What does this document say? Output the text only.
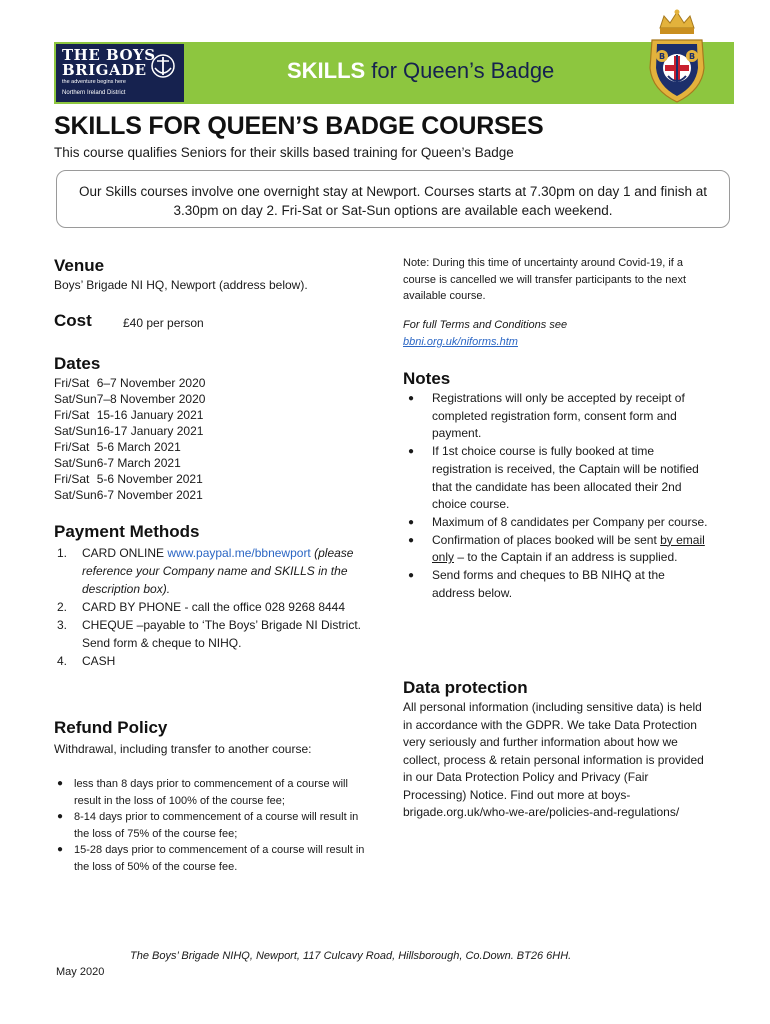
THE BOYS
BRIGADE
the adventure begins here
Northern Ireland District
SKILLS for Queen’s Badge
B	B
SKILLS FOR QUEEN’S BADGE COURSES
This course qualifies Seniors for their skills based training for Queen’s Badge
Our Skills courses involve one overnight stay at Newport. Courses starts at 7.30pm on day 1 and finish at 3.30pm on day 2. Fri-Sat or Sat-Sun options are available each weekend.
Venue
Boys’ Brigade NI HQ, Newport (address below).
Cost	£40 per person
Dates
Fri/Sat	6–7 November 2020
Sat/Sun	7–8 November 2020
Fri/Sat	15-16 January 2021
Sat/Sun	16-17 January 2021
Fri/Sat	5-6 March 2021
Sat/Sun	6-7 March 2021
Fri/Sat	5-6 November 2021
Sat/Sun	6-7 November 2021
Payment Methods
1. CARD ONLINE www.paypal.me/bbnewport (please reference your Company name and SKILLS in the description box).
2. CARD BY PHONE - call the office 028 9268 8444
3. CHEQUE –payable to ‘The Boys’ Brigade NI District. Send form & cheque to NIHQ.
4. CASH
Refund Policy
Withdrawal, including transfer to another course:
● less than 8 days prior to commencement of a course will result in the loss of 100% of the course fee;
● 8-14 days prior to commencement of a course will result in the loss of 75% of the course fee;
● 15-28 days prior to commencement of a course will result in the loss of 50% of the course fee.
Note: During this time of uncertainty around Covid-19, if a course is cancelled we will transfer participants to the next available course.
For full Terms and Conditions see
bbni.org.uk/niforms.htm
Notes
● Registrations will only be accepted by receipt of completed registration form, consent form and payment.
● If 1st choice course is fully booked at time registration is received, the Captain will be notified that the candidate has been allocated their 2nd choice course.
● Maximum of 8 candidates per Company per course.
● Confirmation of places booked will be sent by email only – to the Captain if an address is supplied.
● Send forms and cheques to BB NIHQ at the address below.
Data protection
All personal information (including sensitive data) is held in accordance with the GDPR. We take Data Protection very seriously and further information about how we collect, process & retain personal information is provided in our Data Protection Policy and Privacy (Fair Processing) Notice. Find out more at boys-brigade.org.uk/who-we-are/policies-and-regulations/
The Boys’ Brigade NIHQ, Newport, 117 Culcavy Road, Hillsborough, Co.Down. BT26 6HH.
May 2020
